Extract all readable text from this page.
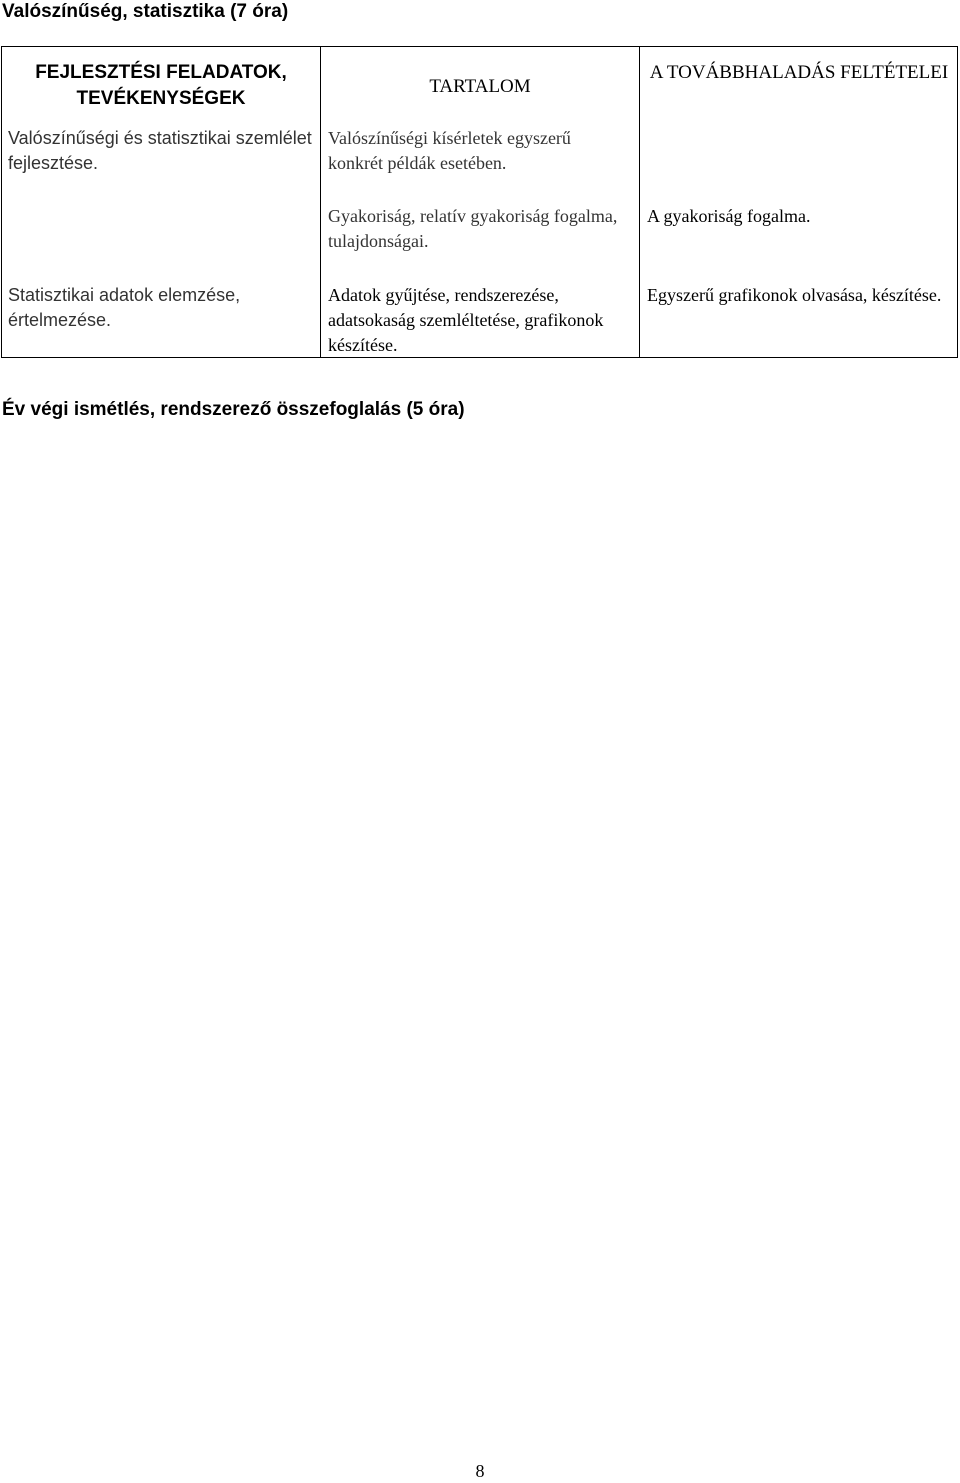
Valószínűség, statisztika (7 óra)
FEJLESZTÉSI FELADATOK, TEVÉKENYSÉGEK
TARTALOM
A TOVÁBBHALADÁS FELTÉTELEI
Valószínűségi és statisztikai szemlélet fejlesztése.
Valószínűségi kísérletek egyszerű konkrét példák esetében.
Gyakoriság, relatív gyakoriság fogalma, tulajdonságai.
A gyakoriság fogalma.
Statisztikai adatok elemzése, értelmezése.
Adatok gyűjtése, rendszerezése, adatsokaság szemléltetése, grafikonok készítése.
Egyszerű grafikonok olvasása, készítése.
Év végi ismétlés, rendszerező összefoglalás (5 óra)
8
